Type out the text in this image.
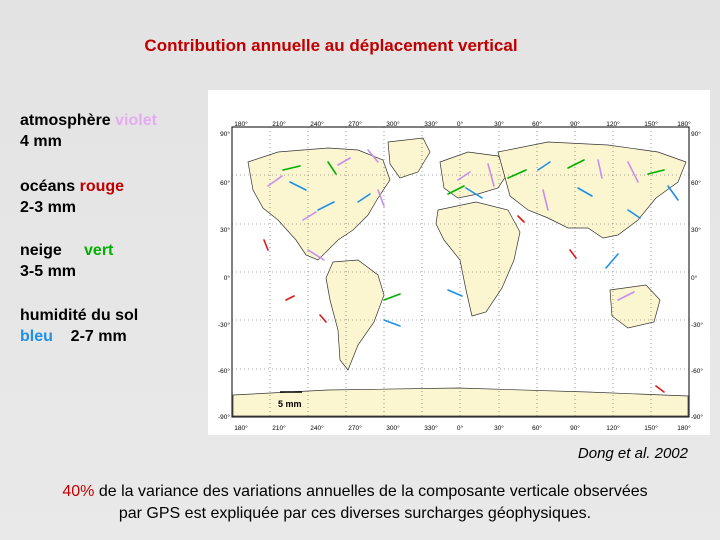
Contribution annuelle au déplacement vertical
atmosphère violet
4 mm
océans rouge
2-3 mm
neige vert
3-5 mm
humidité du sol
bleu 2-7 mm
5 mm
180°	210°	240°	270°	300°	330°	0°	30°	60°	90°	120°	150°	180°
180°	210°	240°	270°	300°	330°	0°	30°	60°	90°	120°	150°	180°
90°
60°
30°
0°
-30°
-60°
-90°
90°
60°
30°
0°
-30°
-60°
-90°
Dong et al. 2002
40% de la variance des variations annuelles de la composante verticale observées
par GPS est expliquée par ces diverses surcharges géophysiques.
